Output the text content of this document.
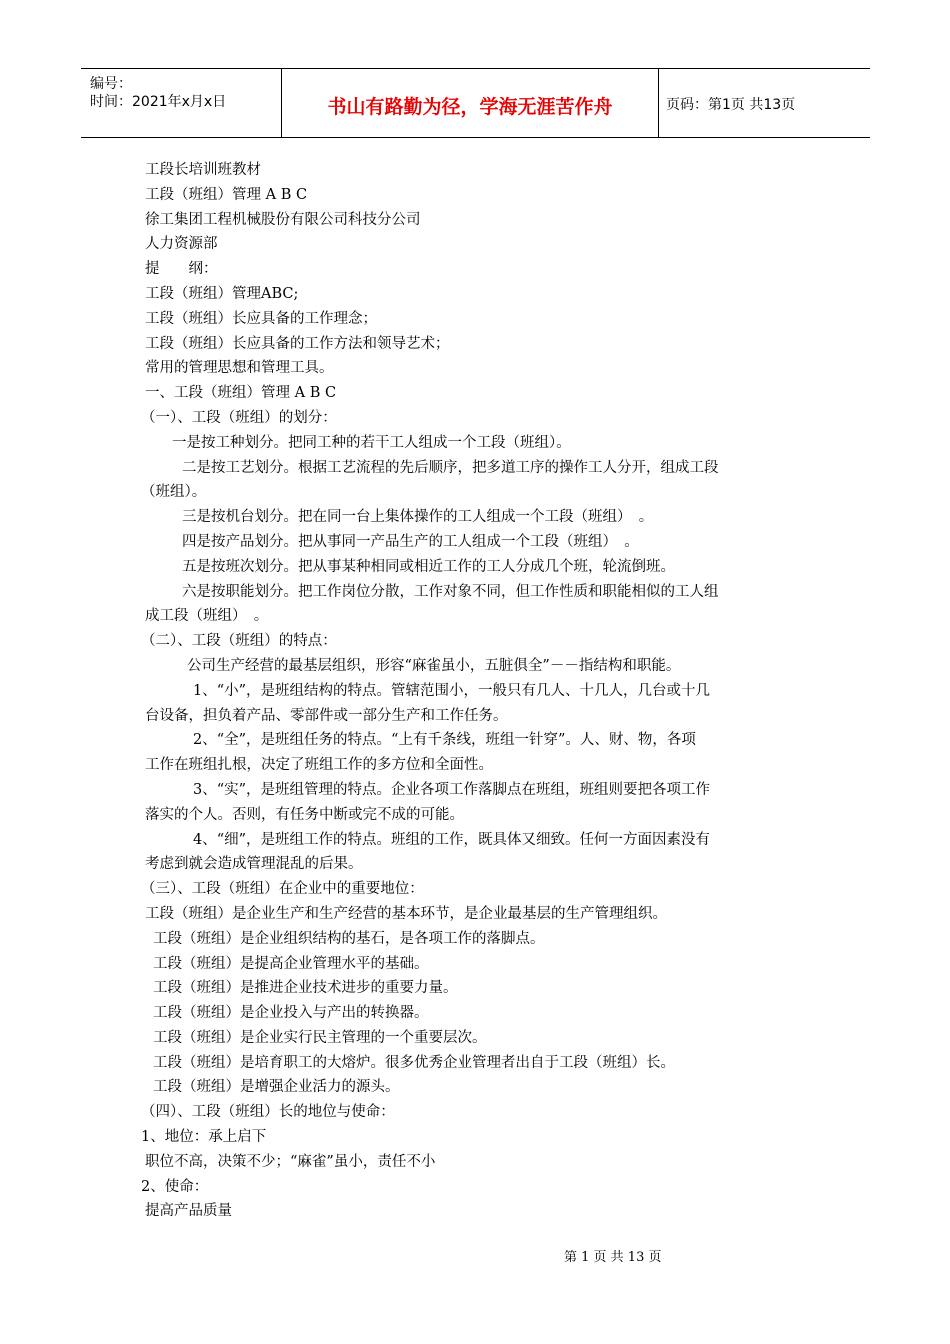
编号：
时间：2021年x月x日	书山有路勤为径，学海无涯苦作舟	页码：第1页 共13页
工段长培训班教材
工段（班组）管理 A B C
徐工集团工程机械股份有限公司科技分公司
人力资源部
提　　纲：
工段（班组）管理ABC;
工段（班组）长应具备的工作理念；
工段（班组）长应具备的工作方法和领导艺术；
常用的管理思想和管理工具。
一、工段（班组）管理 A B C
（一）、工段（班组）的划分：
一是按工种划分。把同工种的若干工人组成一个工段（班组）。
二是按工艺划分。根据工艺流程的先后顺序，把多道工序的操作工人分开，组成工段
（班组）。
三是按机台划分。把在同一台上集体操作的工人组成一个工段（班组）　。
四是按产品划分。把从事同一产品生产的工人组成一个工段（班组）　。
五是按班次划分。把从事某种相同或相近工作的工人分成几个班，轮流倒班。
六是按职能划分。把工作岗位分散，工作对象不同，但工作性质和职能相似的工人组
成工段（班组）　。
（二）、工段（班组）的特点：
公司生产经营的最基层组织，形容“麻雀虽小，五脏俱全”－－指结构和职能。
1、“小”，是班组结构的特点。管辖范围小，一般只有几人、十几人，几台或十几
台设备，担负着产品、零部件或一部分生产和工作任务。
2、“全”，是班组任务的特点。“上有千条线，班组一针穿”。人、财、物，各项
工作在班组扎根，决定了班组工作的多方位和全面性。
3、“实”，是班组管理的特点。企业各项工作落脚点在班组，班组则要把各项工作
落实的个人。否则，有任务中断或完不成的可能。
4、“细”，是班组工作的特点。班组的工作，既具体又细致。任何一方面因素没有
考虑到就会造成管理混乱的后果。
（三）、工段（班组）在企业中的重要地位：
工段（班组）是企业生产和生产经营的基本环节，是企业最基层的生产管理组织。
工段（班组）是企业组织结构的基石，是各项工作的落脚点。
工段（班组）是提高企业管理水平的基础。
工段（班组）是推进企业技术进步的重要力量。
工段（班组）是企业投入与产出的转换器。
工段（班组）是企业实行民主管理的一个重要层次。
工段（班组）是培育职工的大熔炉。很多优秀企业管理者出自于工段（班组）长。
工段（班组）是增强企业活力的源头。
（四）、工段（班组）长的地位与使命：
1、地位：承上启下
职位不高，决策不少；“麻雀”虽小，责任不小
2、使命：
提高产品质量
第 1 页 共 13 页
